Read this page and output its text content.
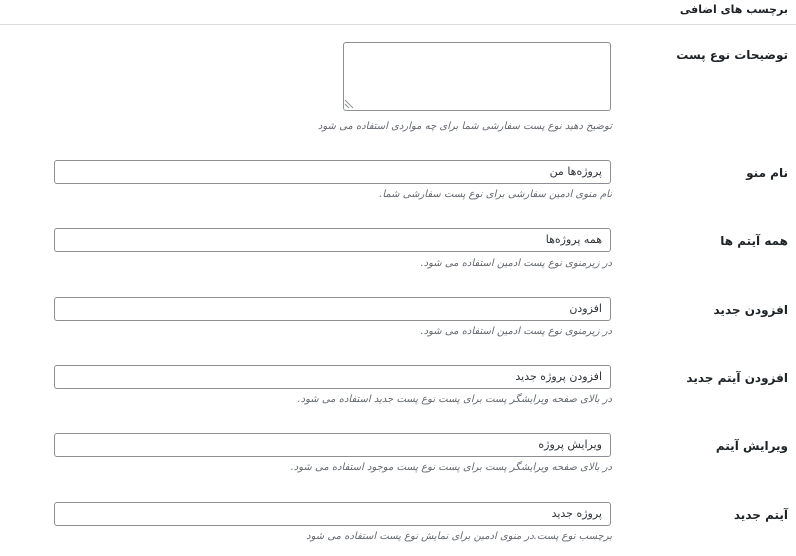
برچسب های اضافی
توضیحات نوع پست
توضیح دهید نوع پست سفارشی شما برای چه مواردی استفاده می شود
نام منو
پروژه‌ها من
نام منوی ادمین سفارشی برای نوع پست سفارشی شما.
همه آیتم ها
همه پروژه‌ها
در زیرمنوی نوع پست ادمین استفاده می شود.
افزودن جدید
افزودن
در زیرمنوی نوع پست ادمین استفاده می شود.
افزودن آیتم جدید
افزودن پروژه جدید
در بالای صفحه ویرایشگر پست برای پست نوع پست جدید استفاده می شود.
ویرایش آیتم
ویرایش پروژه
در بالای صفحه ویرایشگر پست برای پست نوع پست موجود استفاده می شود.
آیتم جدید
پروژه جدید
برچسب نوع پست.در منوی ادمین برای نمایش نوع پست استفاده می شود
